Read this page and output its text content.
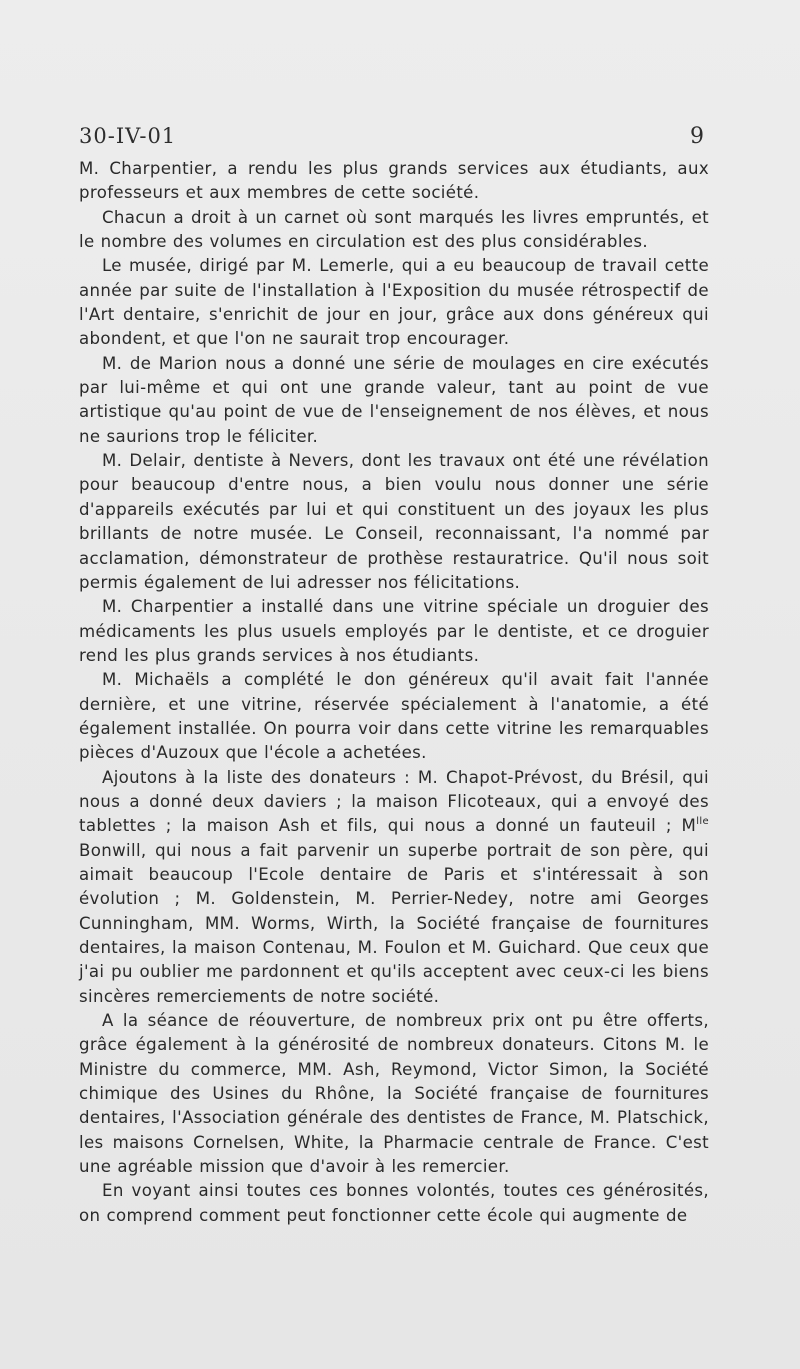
30-IV-01	9

M. Charpentier, a rendu les plus grands services aux étudiants, aux professeurs et aux membres de cette société.

Chacun a droit à un carnet où sont marqués les livres empruntés, et le nombre des volumes en circulation est des plus considérables.

Le musée, dirigé par M. Lemerle, qui a eu beaucoup de travail cette année par suite de l'installation à l'Exposition du musée rétrospectif de l'Art dentaire, s'enrichit de jour en jour, grâce aux dons généreux qui abondent, et que l'on ne saurait trop encourager.

M. de Marion nous a donné une série de moulages en cire exécutés par lui-même et qui ont une grande valeur, tant au point de vue artistique qu'au point de vue de l'enseignement de nos élèves, et nous ne saurions trop le féliciter.

M. Delair, dentiste à Nevers, dont les travaux ont été une révélation pour beaucoup d'entre nous, a bien voulu nous donner une série d'appareils exécutés par lui et qui constituent un des joyaux les plus brillants de notre musée. Le Conseil, reconnaissant, l'a nommé par acclamation, démonstrateur de prothèse restauratrice. Qu'il nous soit permis également de lui adresser nos félicitations.

M. Charpentier a installé dans une vitrine spéciale un droguier des médicaments les plus usuels employés par le dentiste, et ce droguier rend les plus grands services à nos étudiants.

M. Michaëls a complété le don généreux qu'il avait fait l'année dernière, et une vitrine, réservée spécialement à l'anatomie, a été également installée. On pourra voir dans cette vitrine les remarquables pièces d'Auzoux que l'école a achetées.

Ajoutons à la liste des donateurs : M. Chapot-Prévost, du Brésil, qui nous a donné deux daviers ; la maison Flicoteaux, qui a envoyé des tablettes ; la maison Ash et fils, qui nous a donné un fauteuil ; $M^{lle}$ Bonwill, qui nous a fait parvenir un superbe portrait de son père, qui aimait beaucoup l'Ecole dentaire de Paris et s'intéressait à son évolution ; M. Goldenstein, M. Perrier-Nedey, notre ami Georges Cunningham, MM. Worms, Wirth, la Société française de fournitures dentaires, la maison Contenau, M. Foulon et M. Guichard. Que ceux que j'ai pu oublier me pardonnent et qu'ils acceptent avec ceux-ci les biens sincères remerciements de notre société.

A la séance de réouverture, de nombreux prix ont pu être offerts, grâce également à la générosité de nombreux donateurs. Citons M. le Ministre du commerce, MM. Ash, Reymond, Victor Simon, la Société chimique des Usines du Rhône, la Société française de fournitures dentaires, l'Association générale des dentistes de France, M. Platschick, les maisons Cornelsen, White, la Pharmacie centrale de France. C'est une agréable mission que d'avoir à les remercier.

En voyant ainsi toutes ces bonnes volontés, toutes ces générosités, on comprend comment peut fonctionner cette école qui augmente de
